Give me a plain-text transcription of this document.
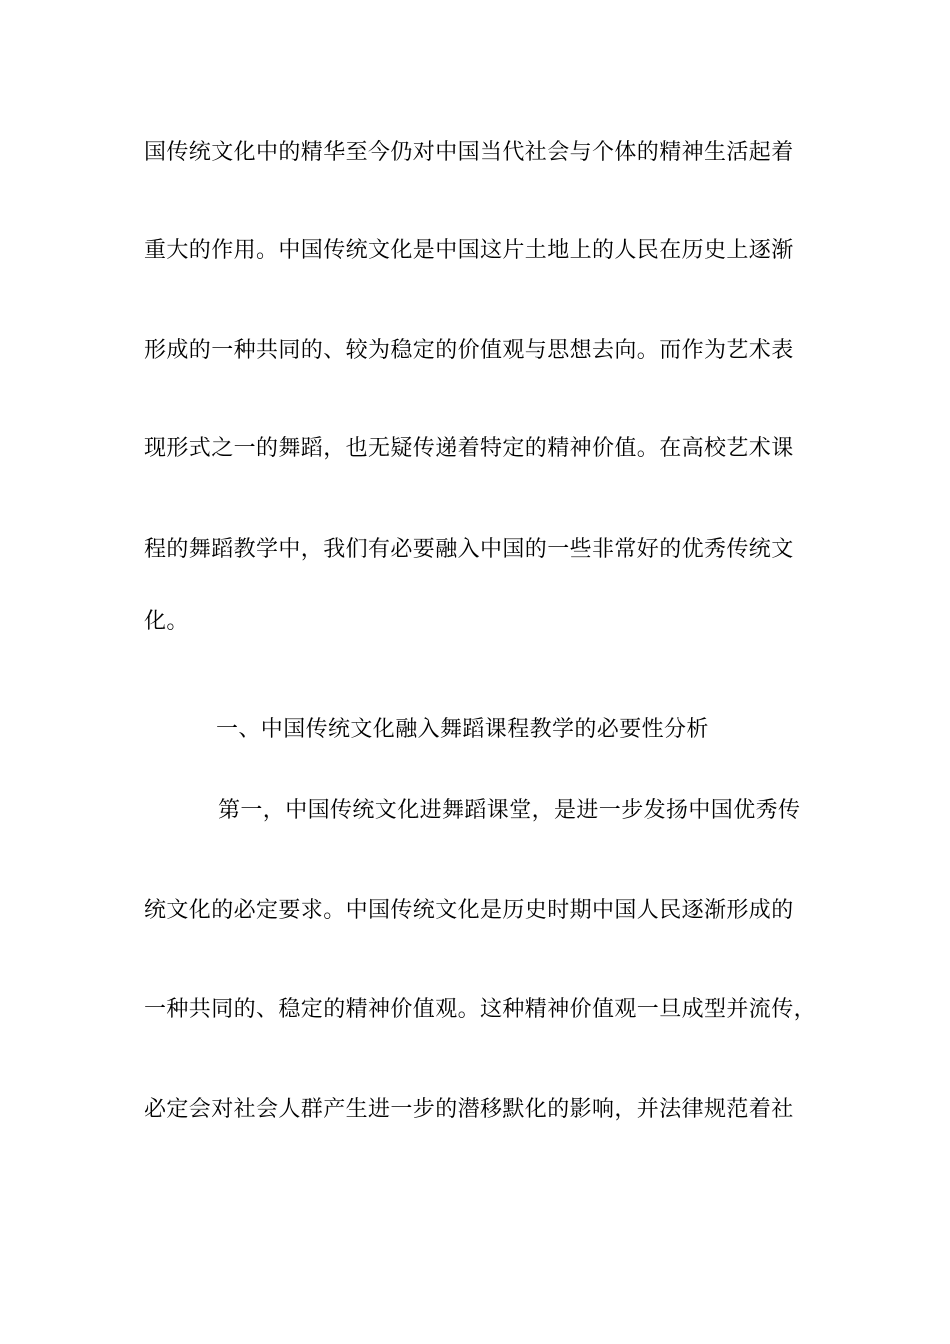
国传统文化中的精华至今仍对中国当代社会与个体的精神生活起着
重大的作用。中国传统文化是中国这片土地上的人民在历史上逐渐
形成的一种共同的、较为稳定的价值观与思想去向。而作为艺术表
现形式之一的舞蹈，也无疑传递着特定的精神价值。在高校艺术课
程的舞蹈教学中，我们有必要融入中国的一些非常好的优秀传统文
化。
一、中国传统文化融入舞蹈课程教学的必要性分析
第一，中国传统文化进舞蹈课堂，是进一步发扬中国优秀传
统文化的必定要求。中国传统文化是历史时期中国人民逐渐形成的
一种共同的、稳定的精神价值观。这种精神价值观一旦成型并流传，
必定会对社会人群产生进一步的潜移默化的影响，并法律规范着社
